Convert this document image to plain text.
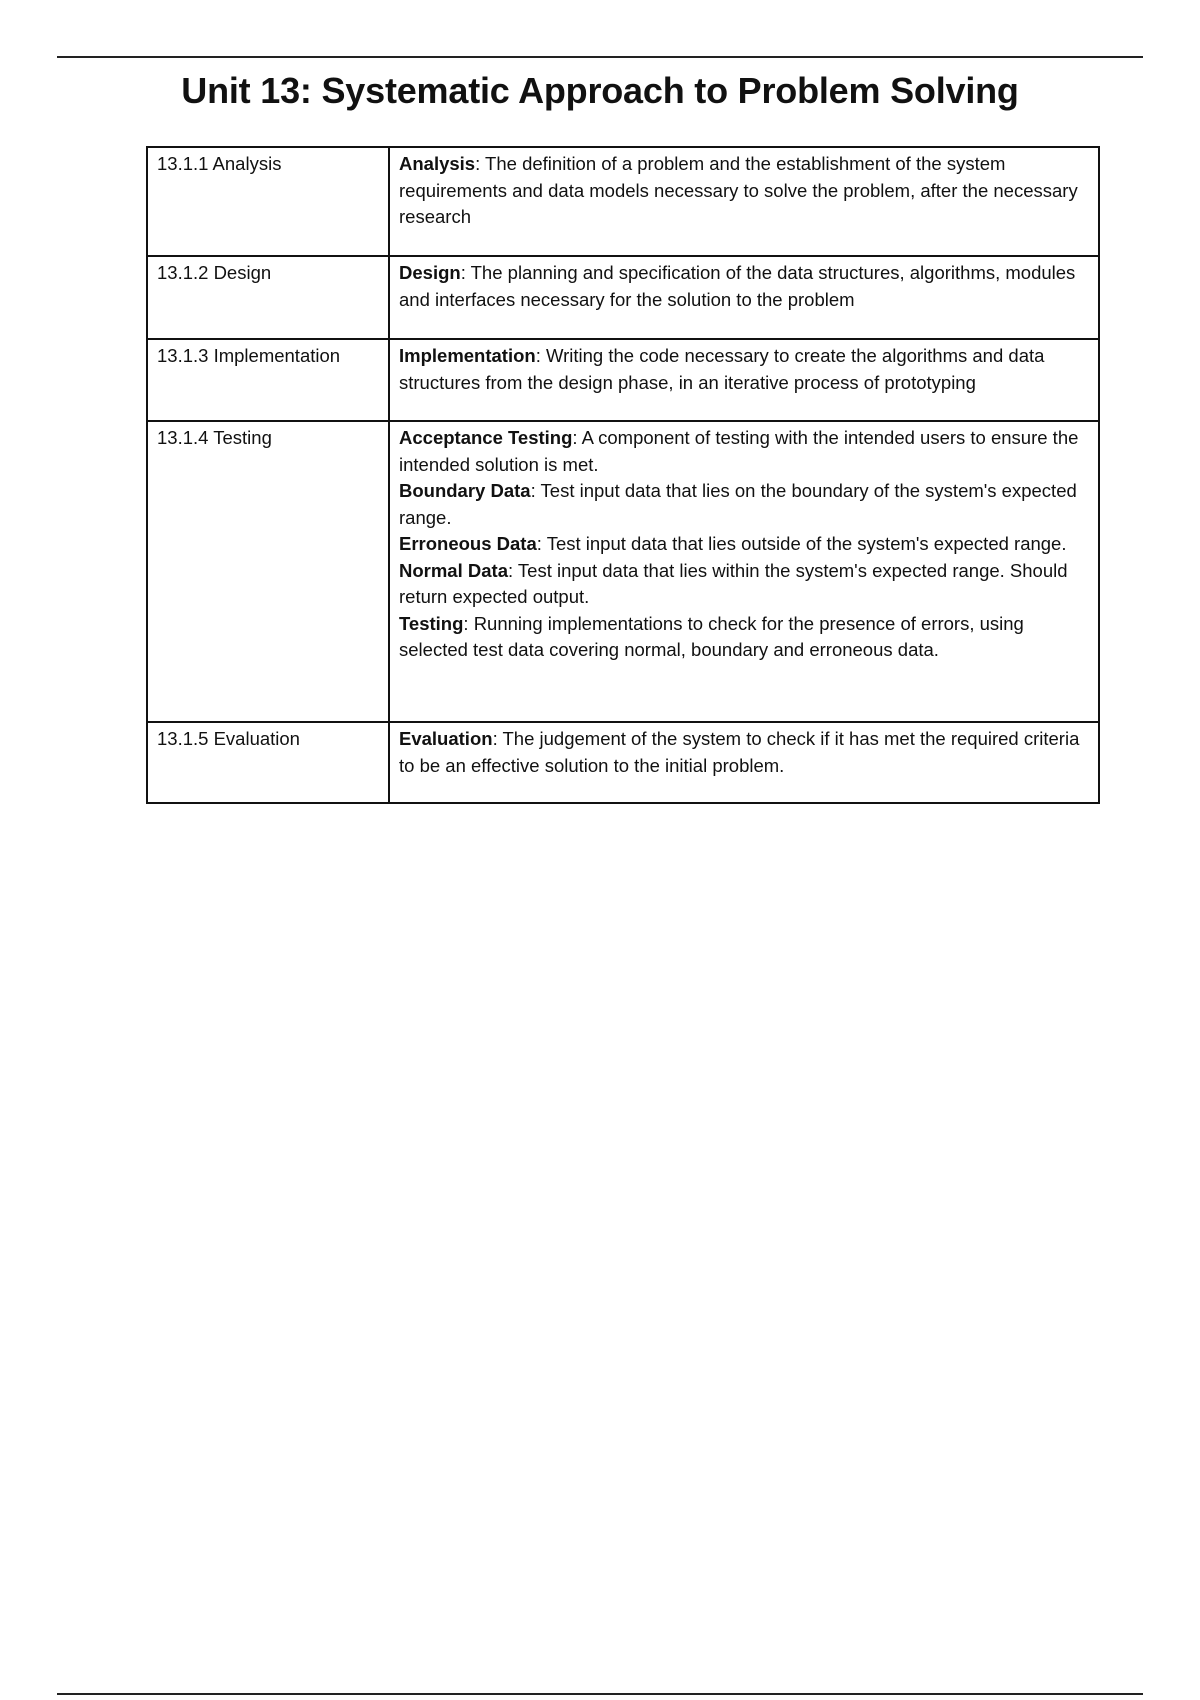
Unit 13: Systematic Approach to Problem Solving
13.1.1 Analysis	Analysis: The definition of a problem and the establishment of the system requirements and data models necessary to solve the problem, after the necessary research

13.1.2 Design	Design: The planning and specification of the data structures, algorithms, modules and interfaces necessary for the solution to the problem

13.1.3 Implementation	Implementation: Writing the code necessary to create the algorithms and data structures from the design phase, in an iterative process of prototyping

13.1.4 Testing	Acceptance Testing: A component of testing with the intended users to ensure the intended solution is met.
Boundary Data: Test input data that lies on the boundary of the system's expected range.
Erroneous Data: Test input data that lies outside of the system's expected range.
Normal Data: Test input data that lies within the system's expected range. Should return expected output.
Testing: Running implementations to check for the presence of errors, using selected test data covering normal, boundary and erroneous data.

13.1.5 Evaluation	Evaluation: The judgement of the system to check if it has met the required criteria to be an effective solution to the initial problem.
